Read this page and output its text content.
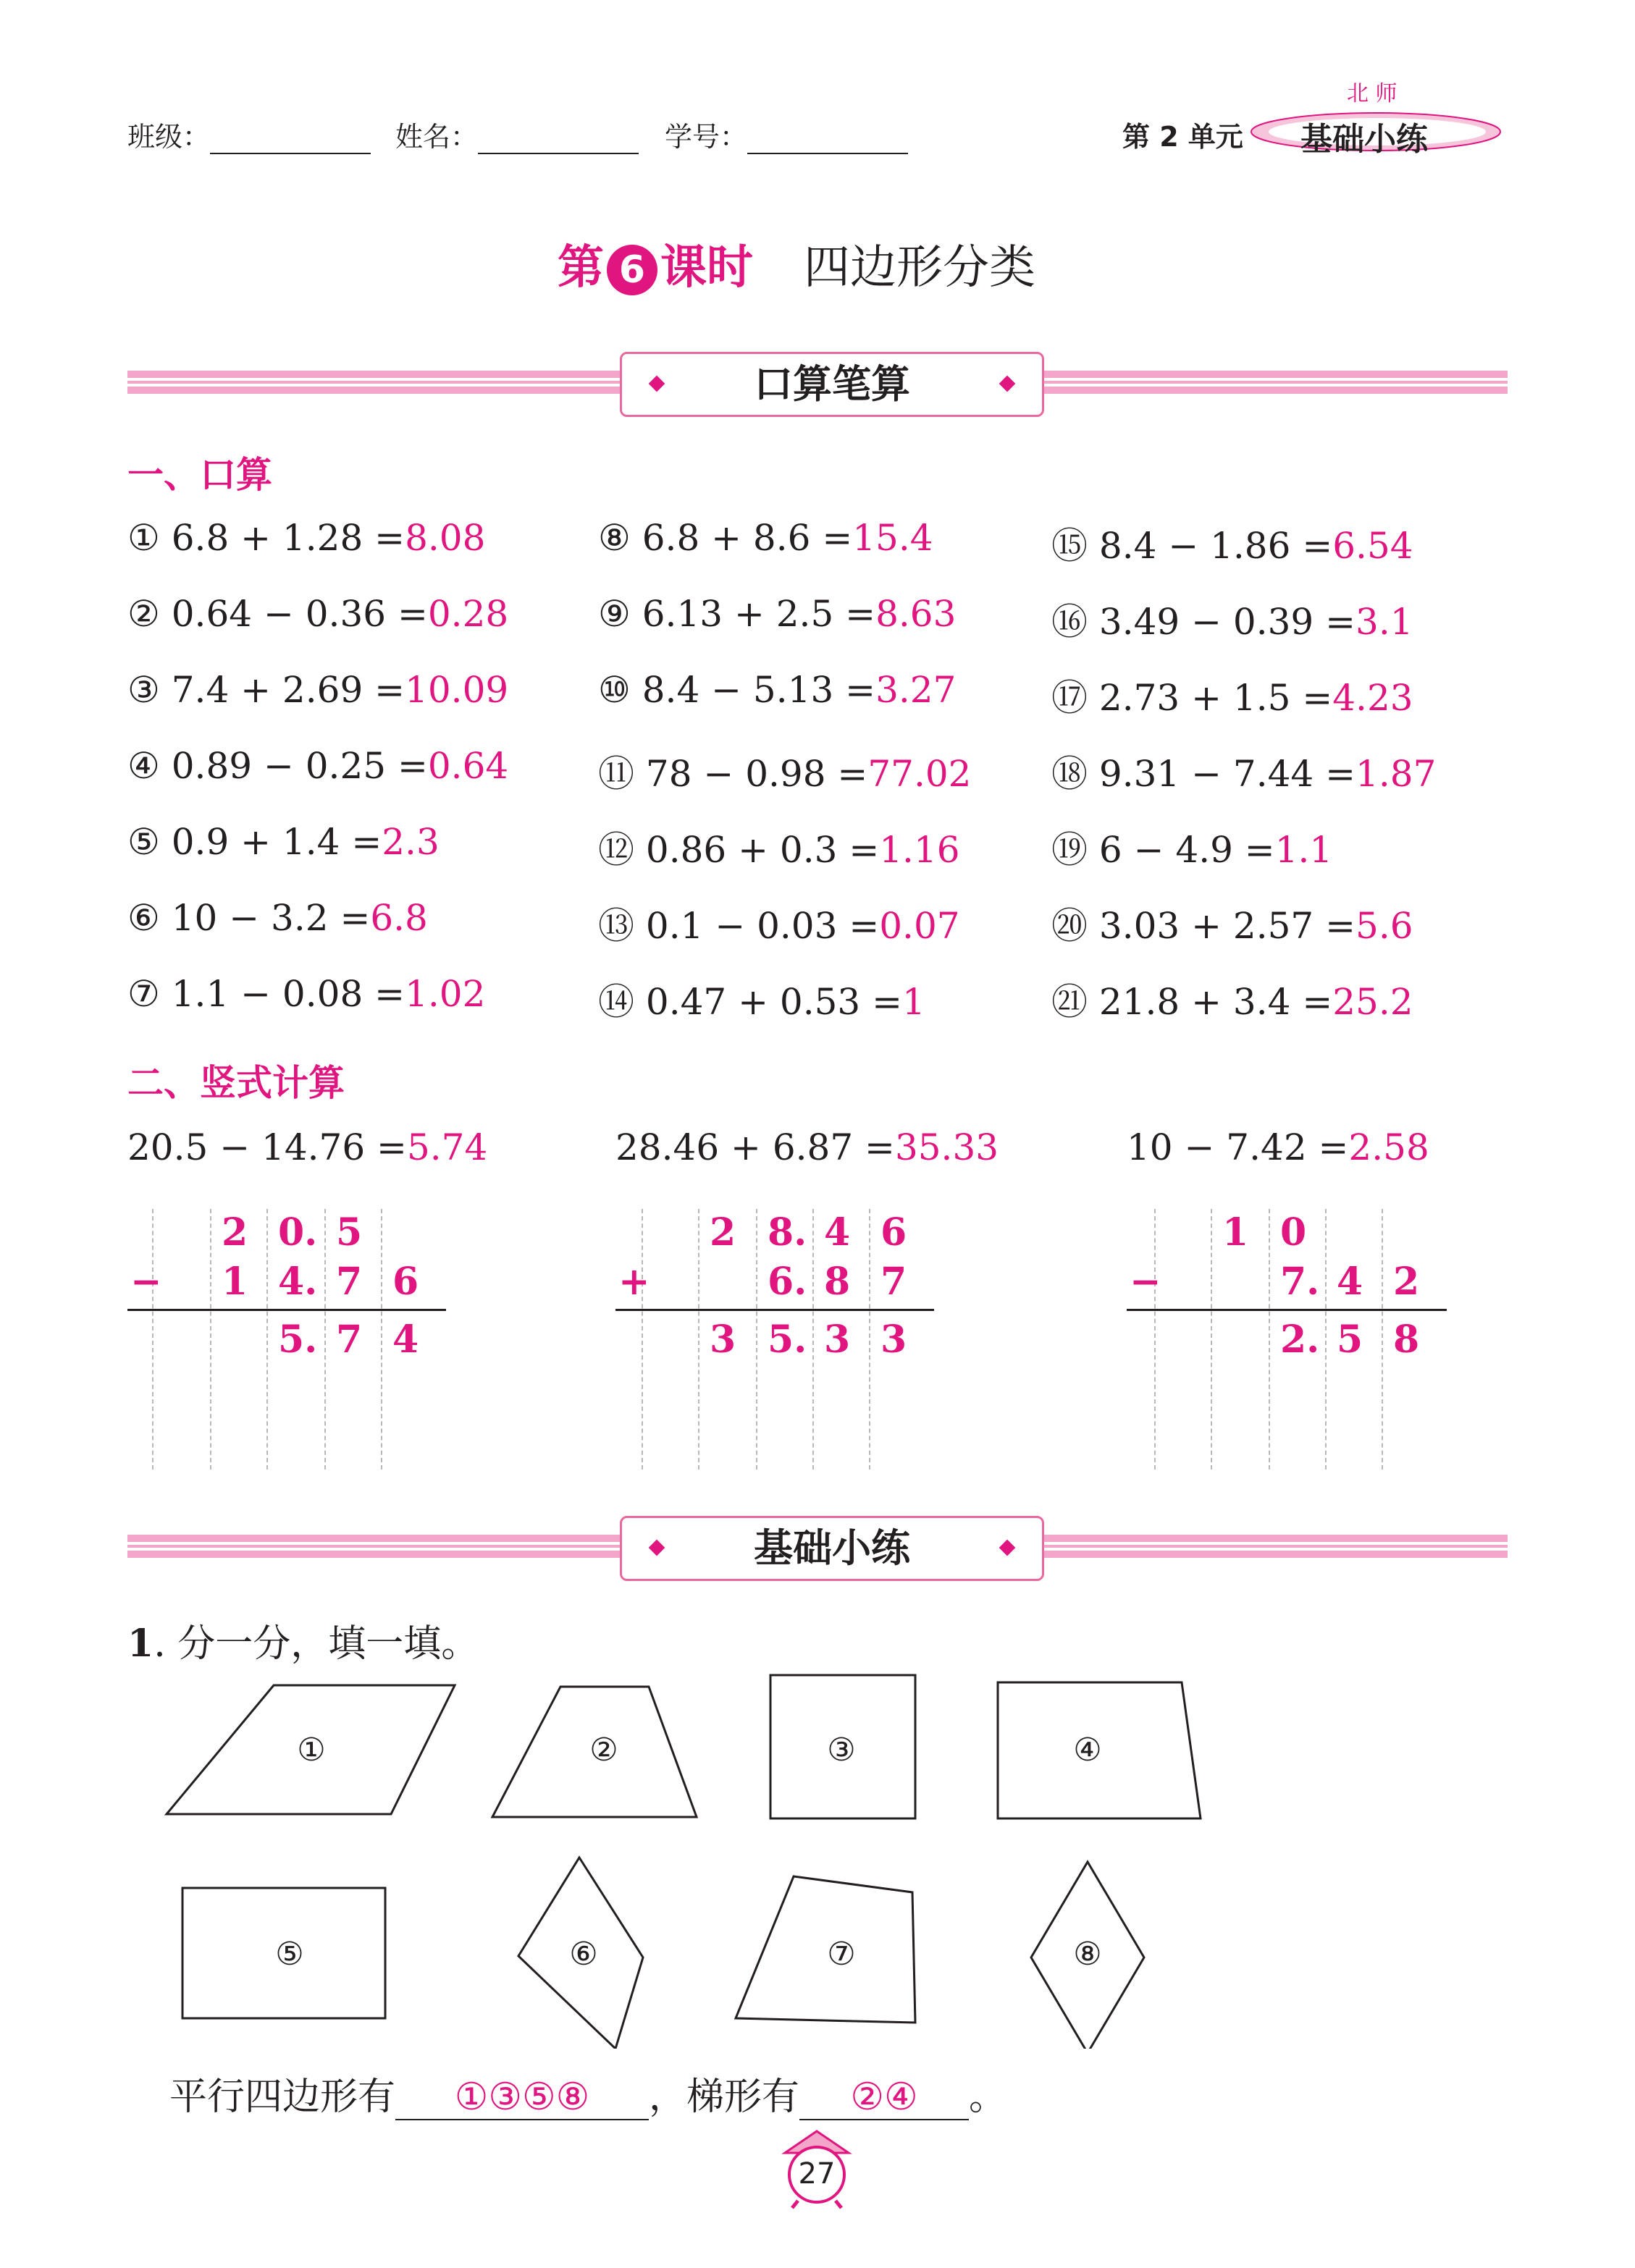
班级：	姓名：	学号：	第 2 单元
北 师
基础小练
第 6 课时 四边形分类
口算笔算
一、口算
① 6.8 + 1.28 =8.08
② 0.64 − 0.36 =0.28
③ 7.4 + 2.69 =10.09
④ 0.89 − 0.25 =0.64
⑤ 0.9 + 1.4 =2.3
⑥ 10 − 3.2 =6.8
⑦ 1.1 − 0.08 =1.02
⑧ 6.8 + 8.6 =15.4
⑨ 6.13 + 2.5 =8.63
⑩ 8.4 − 5.13 =3.27
⑪ 78 − 0.98 =77.02
⑫ 0.86 + 0.3 =1.16
⑬ 0.1 − 0.03 =0.07
⑭ 0.47 + 0.53 =1
⑮ 8.4 − 1.86 =6.54
⑯ 3.49 − 0.39 =3.1
⑰ 2.73 + 1.5 =4.23
⑱ 9.31 − 7.44 =1.87
⑲ 6 − 4.9 =1.1
⑳ 3.03 + 2.57 =5.6
㉑ 21.8 + 3.4 =25.2
二、竖式计算
20.5 − 14.76 =5.74
−
2 0. 5
1 4. 7 6
5. 7 4
28.46 + 6.87 =35.33
+
2 8. 4 6
6. 8 7
3 5. 3 3
10 − 7.42 =2.58
−
1 0
7. 4 2
2. 5 8
基础小练
1. 分一分，填一填。
①	②	③	④
⑤	⑥	⑦	⑧
平行四边形有 ①③⑤⑧ ，梯形有 ②④ 。
27
